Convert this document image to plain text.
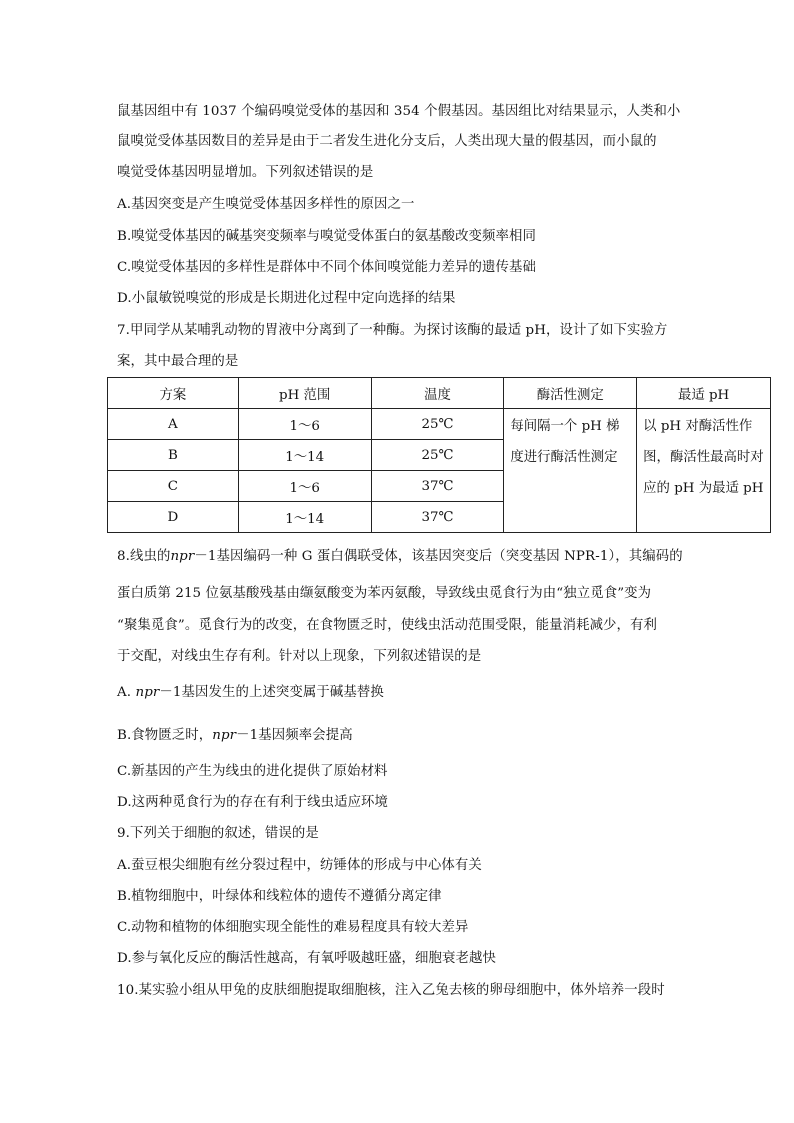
鼠基因组中有 1037 个编码嗅觉受体的基因和 354 个假基因。基因组比对结果显示，人类和小
鼠嗅觉受体基因数目的差异是由于二者发生进化分支后，人类出现大量的假基因，而小鼠的
嗅觉受体基因明显增加。下列叙述错误的是
A.基因突变是产生嗅觉受体基因多样性的原因之一
B.嗅觉受体基因的碱基突变频率与嗅觉受体蛋白的氨基酸改变频率相同
C.嗅觉受体基因的多样性是群体中不同个体间嗅觉能力差异的遗传基础
D.小鼠敏锐嗅觉的形成是长期进化过程中定向选择的结果
7.甲同学从某哺乳动物的胃液中分离到了一种酶。为探讨该酶的最适 pH，设计了如下实验方
案，其中最合理的是
方案	pH 范围	温度	酶活性测定	最适 pH
A	1～6	25℃	每间隔一个 pH 梯度进行酶活性测定	以 pH 对酶活性作图，酶活性最高时对应的 pH 为最适 pH
B	1～14	25℃		
C	1～6	37℃		
D	1～14	37℃		
8.线虫的npr－1基因编码一种 G 蛋白偶联受体，该基因突变后（突变基因 NPR-1），其编码的
蛋白质第 215 位氨基酸残基由缬氨酸变为苯丙氨酸，导致线虫觅食行为由“独立觅食”变为
“聚集觅食”。觅食行为的改变，在食物匮乏时，使线虫活动范围受限，能量消耗减少，有利
于交配，对线虫生存有利。针对以上现象，下列叙述错误的是
A. npr－1基因发生的上述突变属于碱基替换
B.食物匮乏时，npr－1基因频率会提高
C.新基因的产生为线虫的进化提供了原始材料
D.这两种觅食行为的存在有利于线虫适应环境
9.下列关于细胞的叙述，错误的是
A.蚕豆根尖细胞有丝分裂过程中，纺锤体的形成与中心体有关
B.植物细胞中，叶绿体和线粒体的遗传不遵循分离定律
C.动物和植物的体细胞实现全能性的难易程度具有较大差异
D.参与氧化反应的酶活性越高，有氧呼吸越旺盛，细胞衰老越快
10.某实验小组从甲兔的皮肤细胞提取细胞核，注入乙兔去核的卵母细胞中，体外培养一段时
